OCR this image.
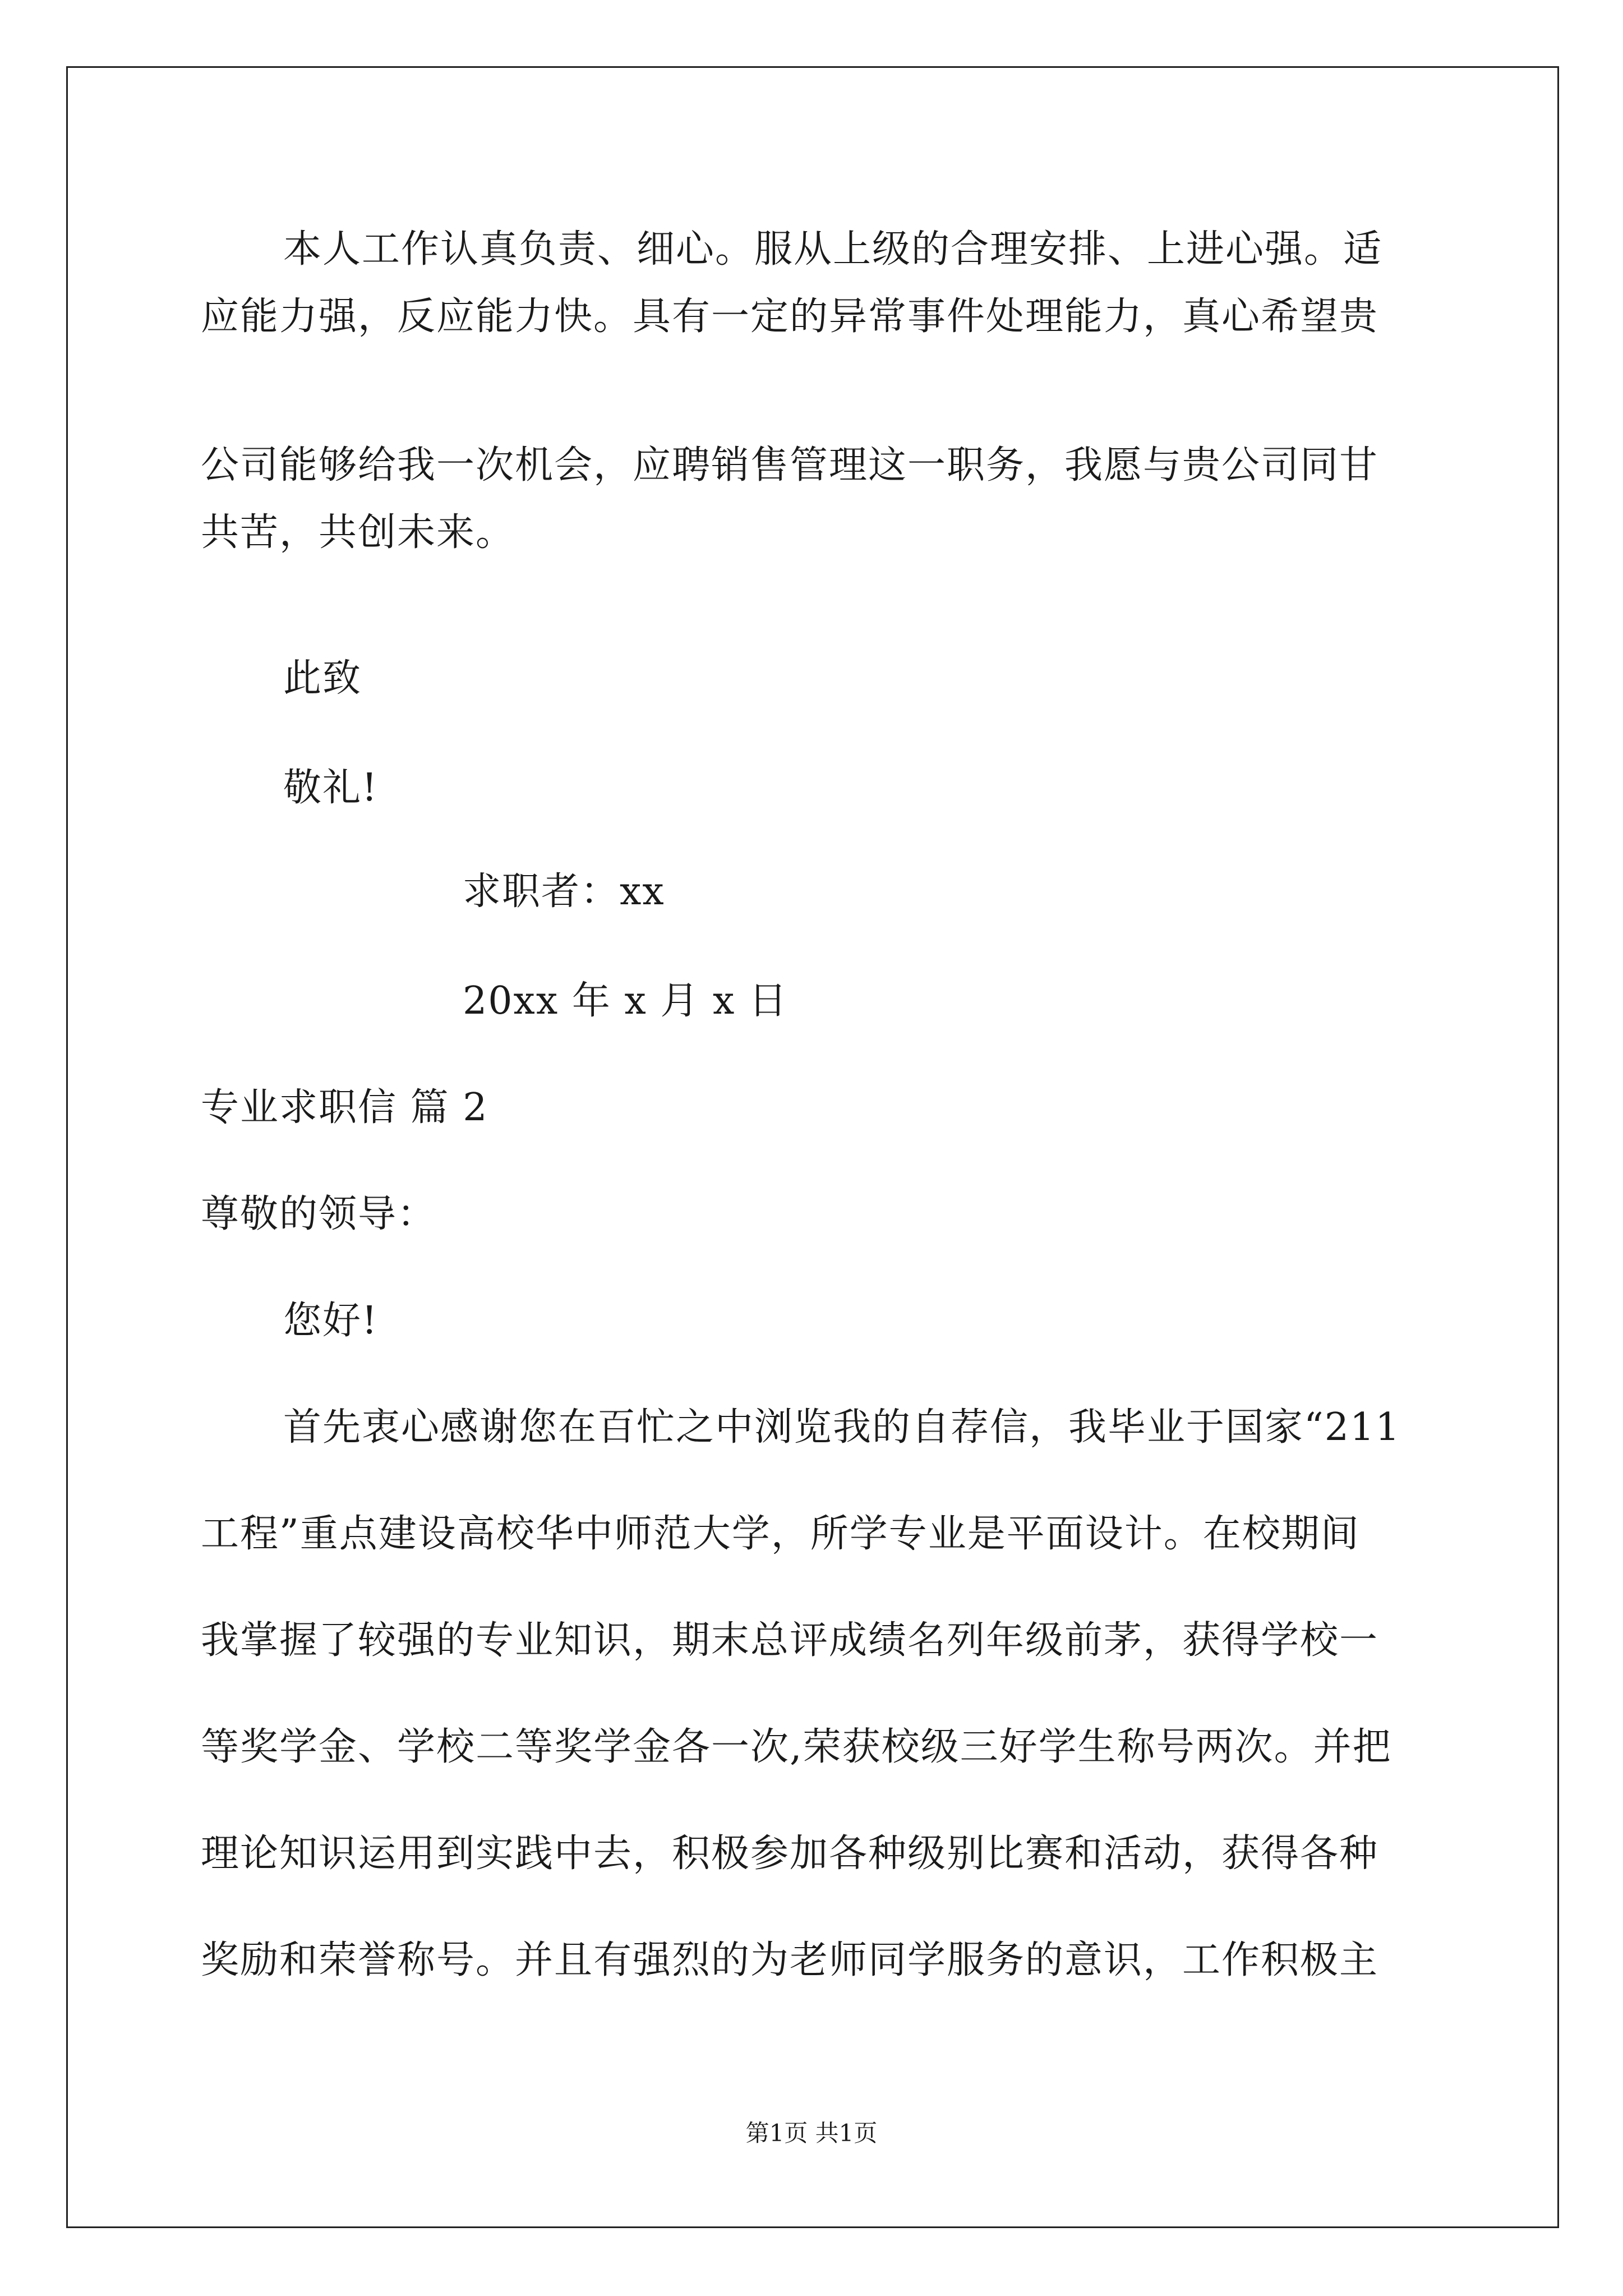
本人工作认真负责、细心。服从上级的合理安排、上进心强。适
应能力强，反应能力快。具有一定的异常事件处理能力，真心希望贵
公司能够给我一次机会，应聘销售管理这一职务，我愿与贵公司同甘
共苦，共创未来。
此致
敬礼!
求职者：xx
20xx 年 x 月 x 日
专业求职信 篇 2
尊敬的领导：
您好!
首先衷心感谢您在百忙之中浏览我的自荐信，我毕业于国家“211
工程”重点建设高校华中师范大学，所学专业是平面设计。在校期间
我掌握了较强的专业知识，期末总评成绩名列年级前茅，获得学校一
等奖学金、学校二等奖学金各一次,荣获校级三好学生称号两次。并把
理论知识运用到实践中去，积极参加各种级别比赛和活动，获得各种
奖励和荣誉称号。并且有强烈的为老师同学服务的意识，工作积极主
第1页 共1页
